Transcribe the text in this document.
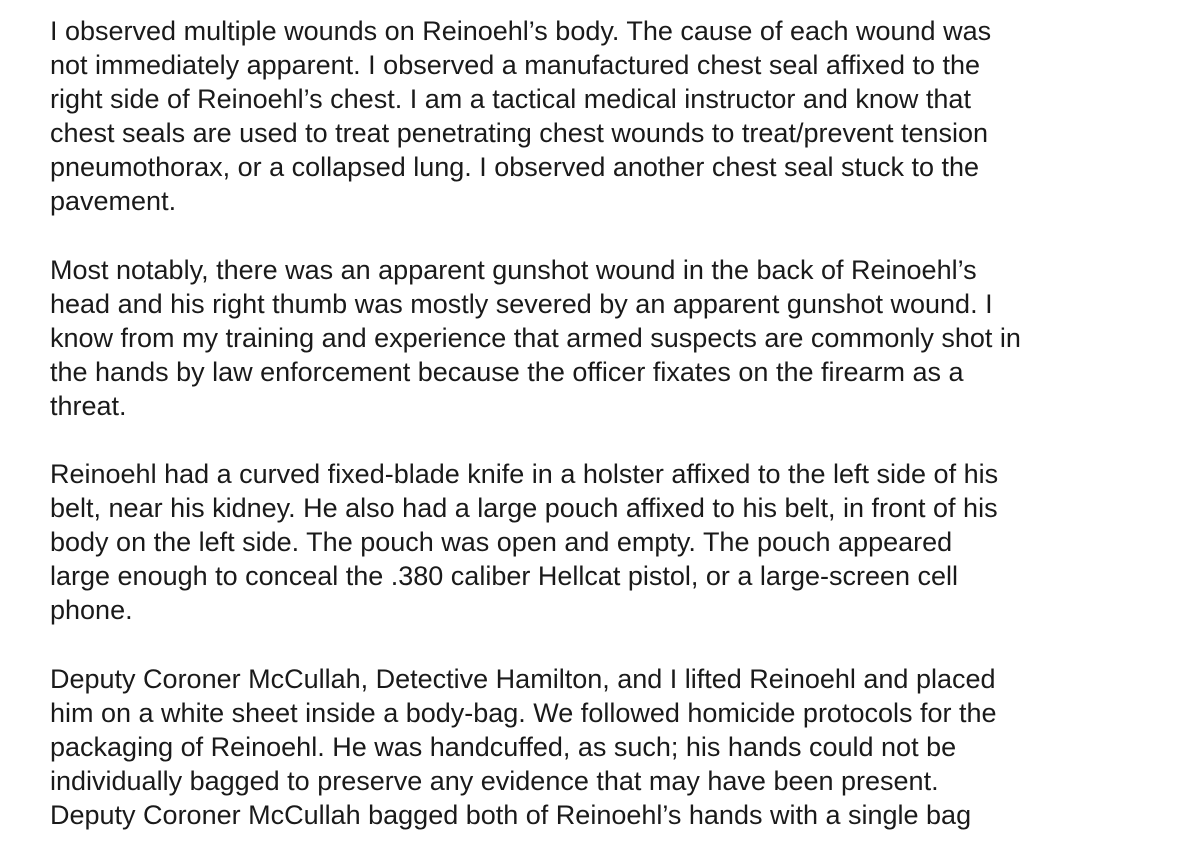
I observed multiple wounds on Reinoehl’s body. The cause of each wound was
not immediately apparent. I observed a manufactured chest seal affixed to the
right side of Reinoehl’s chest. I am a tactical medical instructor and know that
chest seals are used to treat penetrating chest wounds to treat/prevent tension
pneumothorax, or a collapsed lung. I observed another chest seal stuck to the
pavement.
Most notably, there was an apparent gunshot wound in the back of Reinoehl’s
head and his right thumb was mostly severed by an apparent gunshot wound. I
know from my training and experience that armed suspects are commonly shot in
the hands by law enforcement because the officer fixates on the firearm as a
threat.
Reinoehl had a curved fixed-blade knife in a holster affixed to the left side of his
belt, near his kidney. He also had a large pouch affixed to his belt, in front of his
body on the left side. The pouch was open and empty. The pouch appeared
large enough to conceal the .380 caliber Hellcat pistol, or a large-screen cell
phone.
Deputy Coroner McCullah, Detective Hamilton, and I lifted Reinoehl and placed
him on a white sheet inside a body-bag. We followed homicide protocols for the
packaging of Reinoehl. He was handcuffed, as such; his hands could not be
individually bagged to preserve any evidence that may have been present.
Deputy Coroner McCullah bagged both of Reinoehl’s hands with a single bag
